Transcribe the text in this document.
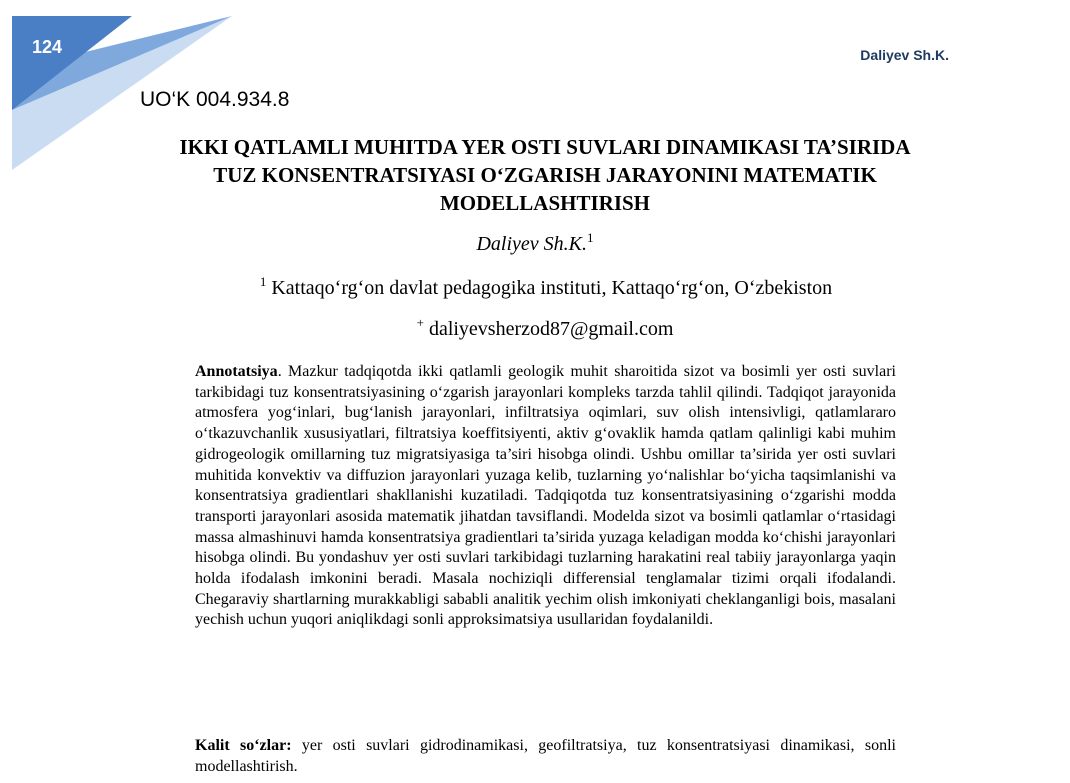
124	Daliyev Sh.K.
UO‘K 004.934.8
IKKI QATLAMLI MUHITDA YER OSTI SUVLARI DINAMIKASI TA’SIRIDA
TUZ KONSENTRATSIYASI O‘ZGARISH JARAYONINI MATEMATIK
MODELLASHTIRISH
Daliyev Sh.K.$^1$
$^1$ Kattaqo‘rg‘on davlat pedagogika instituti, Kattaqo‘rg‘on, O‘zbekiston
+ daliyevsherzod87@gmail.com

Annotatsiya. Mazkur tadqiqotda ikki qatlamli geologik muhit sharoitida sizot va bosimli yer osti suvlari tarkibidagi tuz konsentratsiyasining o‘zgarish jarayonlari kompleks tarzda tahlil qilindi. Tadqiqot jarayonida atmosfera yog‘inlari, bug‘lanish jarayonlari, infiltratsiya oqimlari, suv olish intensivligi, qatlamlararo o‘tkazuvchanlik xususiyatlari, filtratsiya koeffitsiyenti, aktiv g‘ovaklik hamda qatlam qalinligi kabi muhim gidrogeologik omillarning tuz migratsiyasiga ta’siri hisobga olindi. Ushbu omillar ta’sirida yer osti suvlari muhitida konvektiv va diffuzion jarayonlari yuzaga kelib, tuzlarning yo‘nalishlar bo‘yicha taqsimlanishi va konsentratsiya gradientlari shakllanishi kuzatiladi. Tadqiqotda tuz konsentratsiyasining o‘zgarishi modda transporti jarayonlari asosida matematik jihatdan tavsiflandi. Modelda sizot va bosimli qatlamlar o‘rtasidagi massa almashinuvi hamda konsentratsiya gradientlari ta’sirida yuzaga keladigan modda ko‘chishi jarayonlari hisobga olindi. Bu yondashuv yer osti suvlari tarkibidagi tuzlarning harakatini real tabiiy jarayonlarga yaqin holda ifodalash imkonini beradi. Masala nochiziqli differensial tenglamalar tizimi orqali ifodalandi. Chegaraviy shartlarning murakkabligi sababli analitik yechim olish imkoniyati cheklanganligi bois, masalani yechish uchun yuqori aniqlikdagi sonli approksimatsiya usullaridan foydalanildi.

Kalit so‘zlar: yer osti suvlari gidrodinamikasi, geofiltratsiya, tuz konsentratsiyasi dinamikasi, sonli modellashtirish.
